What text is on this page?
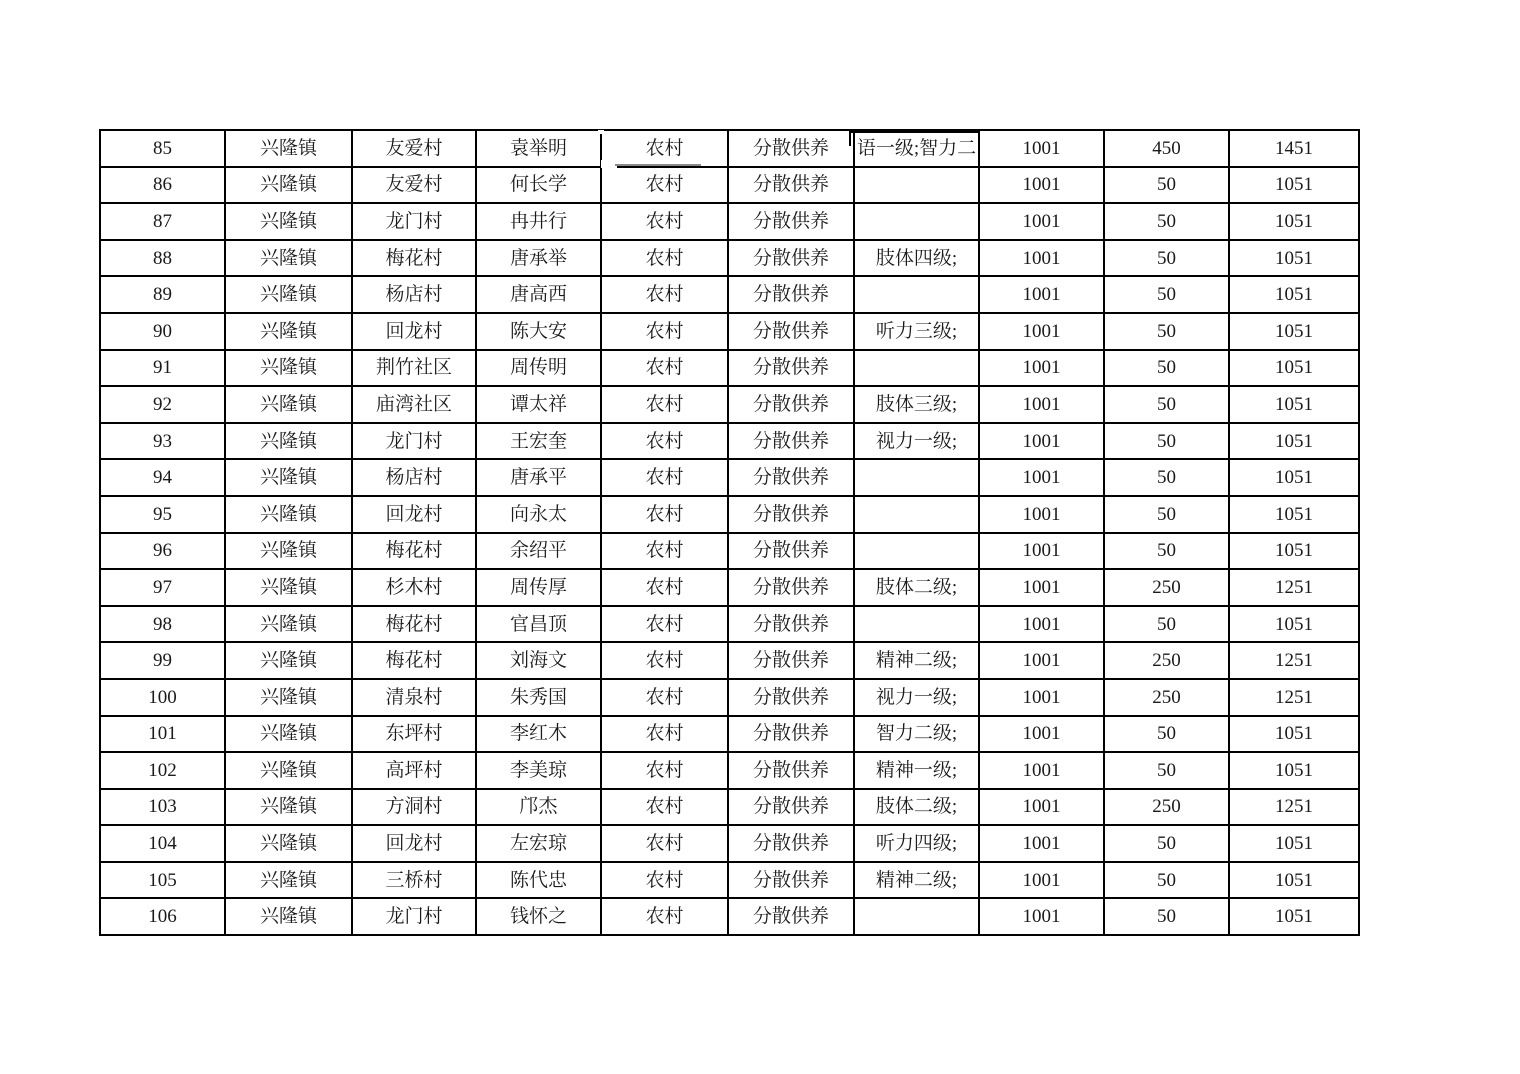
85	兴隆镇	友爱村	袁举明	农村	分散供养	语一级;智力二	1001	450	1451
86	兴隆镇	友爱村	何长学	农村	分散供养		1001	50	1051
87	兴隆镇	龙门村	冉井行	农村	分散供养		1001	50	1051
88	兴隆镇	梅花村	唐承举	农村	分散供养	肢体四级;	1001	50	1051
89	兴隆镇	杨店村	唐高西	农村	分散供养		1001	50	1051
90	兴隆镇	回龙村	陈大安	农村	分散供养	听力三级;	1001	50	1051
91	兴隆镇	荆竹社区	周传明	农村	分散供养		1001	50	1051
92	兴隆镇	庙湾社区	谭太祥	农村	分散供养	肢体三级;	1001	50	1051
93	兴隆镇	龙门村	王宏奎	农村	分散供养	视力一级;	1001	50	1051
94	兴隆镇	杨店村	唐承平	农村	分散供养		1001	50	1051
95	兴隆镇	回龙村	向永太	农村	分散供养		1001	50	1051
96	兴隆镇	梅花村	余绍平	农村	分散供养		1001	50	1051
97	兴隆镇	杉木村	周传厚	农村	分散供养	肢体二级;	1001	250	1251
98	兴隆镇	梅花村	官昌顶	农村	分散供养		1001	50	1051
99	兴隆镇	梅花村	刘海文	农村	分散供养	精神二级;	1001	250	1251
100	兴隆镇	清泉村	朱秀国	农村	分散供养	视力一级;	1001	250	1251
101	兴隆镇	东坪村	李红木	农村	分散供养	智力二级;	1001	50	1051
102	兴隆镇	高坪村	李美琼	农村	分散供养	精神一级;	1001	50	1051
103	兴隆镇	方洞村	邝杰	农村	分散供养	肢体二级;	1001	250	1251
104	兴隆镇	回龙村	左宏琼	农村	分散供养	听力四级;	1001	50	1051
105	兴隆镇	三桥村	陈代忠	农村	分散供养	精神二级;	1001	50	1051
106	兴隆镇	龙门村	钱怀之	农村	分散供养		1001	50	1051
